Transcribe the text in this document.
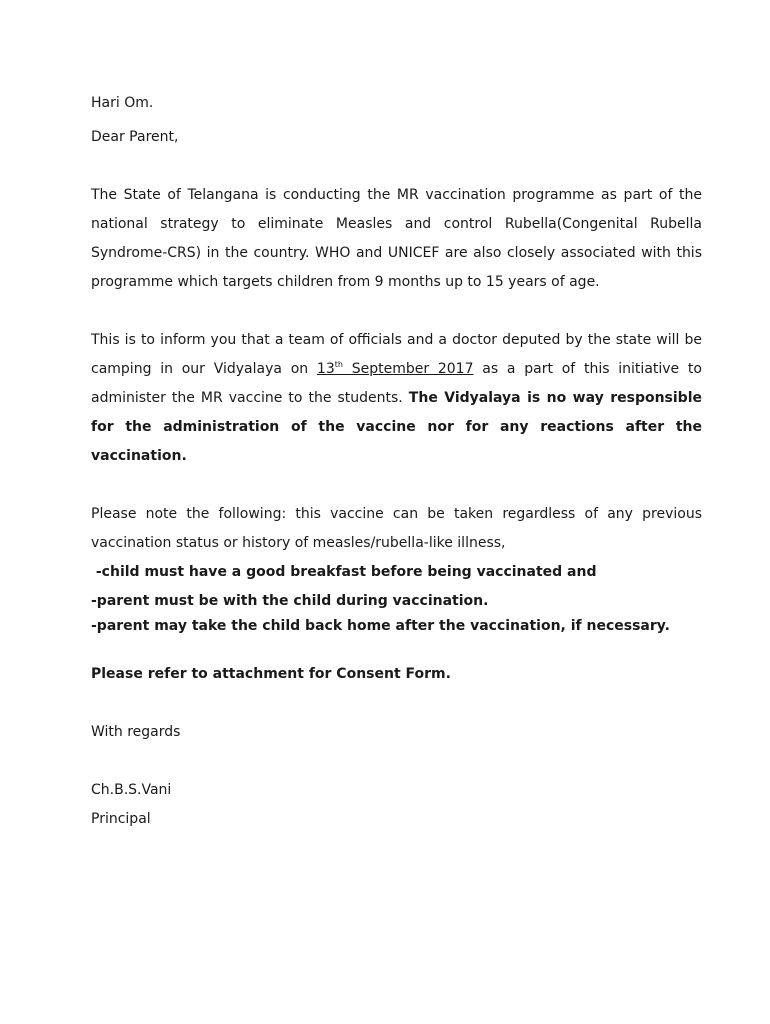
Hari Om.

Dear Parent,

The State of Telangana is conducting the MR vaccination programme as part of the

national strategy to eliminate Measles and control Rubella(Congenital Rubella

Syndrome-CRS) in the country. WHO and UNICEF are also closely associated with this

programme which targets children from 9 months up to 15 years of age.

This is to inform you that a team of officials and a doctor deputed by the state will be

camping in our Vidyalaya on 13th September 2017 as a part of this initiative to

administer the MR vaccine to the students. The Vidyalaya is no way responsible

for the administration of the vaccine nor for any reactions after the

vaccination.

Please note the following: this vaccine can be taken regardless of any previous

vaccination status or history of measles/rubella-like illness,

-child must have a good breakfast before being vaccinated and

-parent must be with the child during vaccination.

-parent may take the child back home after the vaccination, if necessary.

Please refer to attachment for Consent Form.

With regards

Ch.B.S.Vani

Principal
